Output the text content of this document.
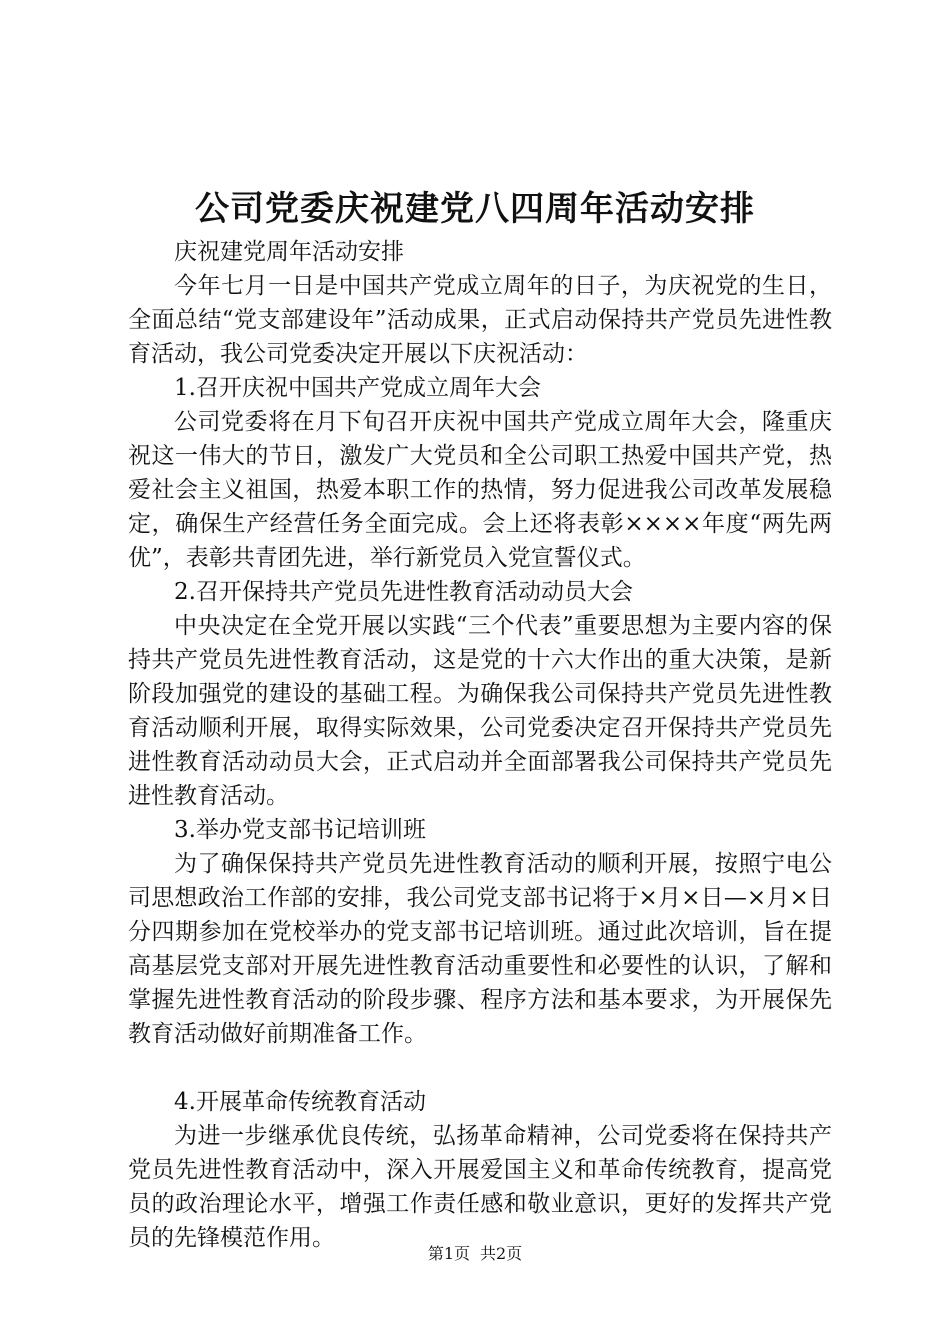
公司党委庆祝建党八四周年活动安排

庆祝建党周年活动安排

今年七月一日是中国共产党成立周年的日子，为庆祝党的生日，全面总结“党支部建设年”活动成果，正式启动保持共产党员先进性教育活动，我公司党委决定开展以下庆祝活动：

1.召开庆祝中国共产党成立周年大会

公司党委将在月下旬召开庆祝中国共产党成立周年大会，隆重庆祝这一伟大的节日，激发广大党员和全公司职工热爱中国共产党，热爱社会主义祖国，热爱本职工作的热情，努力促进我公司改革发展稳定，确保生产经营任务全面完成。会上还将表彰××××年度“两先两优”，表彰共青团先进，举行新党员入党宣誓仪式。

2.召开保持共产党员先进性教育活动动员大会

中央决定在全党开展以实践“三个代表”重要思想为主要内容的保持共产党员先进性教育活动，这是党的十六大作出的重大决策，是新阶段加强党的建设的基础工程。为确保我公司保持共产党员先进性教育活动顺利开展，取得实际效果，公司党委决定召开保持共产党员先进性教育活动动员大会，正式启动并全面部署我公司保持共产党员先进性教育活动。

3.举办党支部书记培训班

为了确保保持共产党员先进性教育活动的顺利开展，按照宁电公司思想政治工作部的安排，我公司党支部书记将于×月×日—×月×日分四期参加在党校举办的党支部书记培训班。通过此次培训，旨在提高基层党支部对开展先进性教育活动重要性和必要性的认识，了解和掌握先进性教育活动的阶段步骤、程序方法和基本要求，为开展保先教育活动做好前期准备工作。

4.开展革命传统教育活动

为进一步继承优良传统，弘扬革命精神，公司党委将在保持共产党员先进性教育活动中，深入开展爱国主义和革命传统教育，提高党员的政治理论水平，增强工作责任感和敬业意识，更好的发挥共产党员的先锋模范作用。

第1页 共2页
